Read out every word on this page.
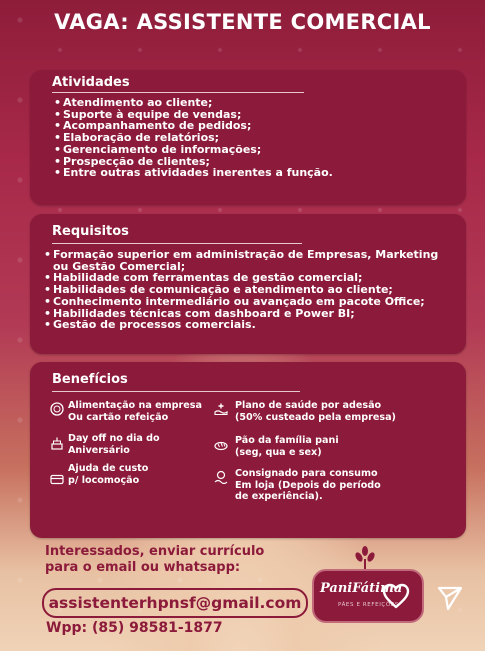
VAGA: ASSISTENTE COMERCIAL
Atividades
• Atendimento ao cliente;
• Suporte à equipe de vendas;
• Acompanhamento de pedidos;
• Elaboração de relatórios;
• Gerenciamento de informações;
• Prospecção de clientes;
• Entre outras atividades inerentes a função.
Requisitos
• Formação superior em administração de Empresas, Marketing
ou Gestão Comercial;
• Habilidade com ferramentas de gestão comercial;
• Habilidades de comunicação e atendimento ao cliente;
• Conhecimento intermediário ou avançado em pacote Office;
• Habilidades técnicas com dashboard e Power BI;
• Gestão de processos comerciais.
Benefícios
Alimentação na empresa
Ou cartão refeição
Day off no dia do
Aniversário
Ajuda de custo
p/ locomoção
Plano de saúde por adesão
(50% custeado pela empresa)
Pão da família pani
(seg, qua e sex)
Consignado para consumo
Em loja (Depois do período
de experiência).
Interessados, enviar currículo
para o email ou whatsapp:
assistenterhpnsf@gmail.com
Wpp: (85) 98581-1877
PaniFátima
PÃES E REFEIÇÕES
